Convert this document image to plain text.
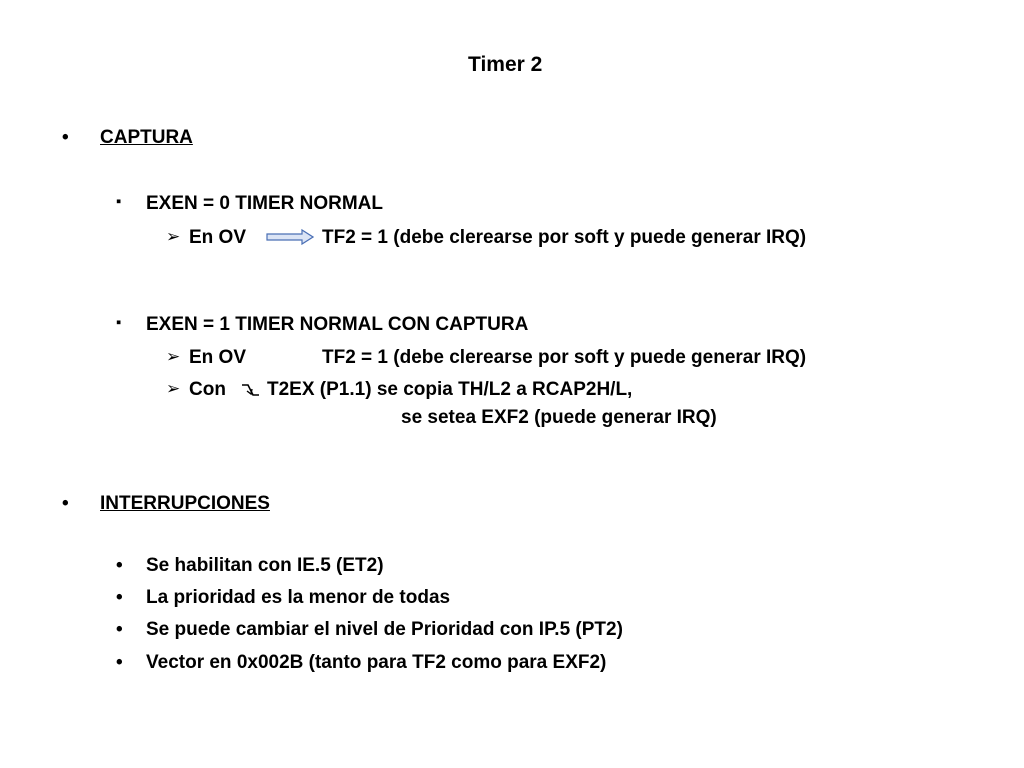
Timer 2
• CAPTURA
▪ EXEN = 0 TIMER NORMAL
➢ En OV	TF2 = 1 (debe clerearse por soft y puede generar IRQ)
▪ EXEN = 1 TIMER NORMAL CON CAPTURA
➢ En OV	TF2 = 1 (debe clerearse por soft y puede generar IRQ)
➢ Con T2EX (P1.1) se copia TH/L2 a RCAP2H/L,
se setea EXF2 (puede generar IRQ)
• INTERRUPCIONES
• Se habilitan con IE.5 (ET2)
• La prioridad es la menor de todas
• Se puede cambiar el nivel de Prioridad con IP.5 (PT2)
• Vector en 0x002B (tanto para TF2 como para EXF2)
